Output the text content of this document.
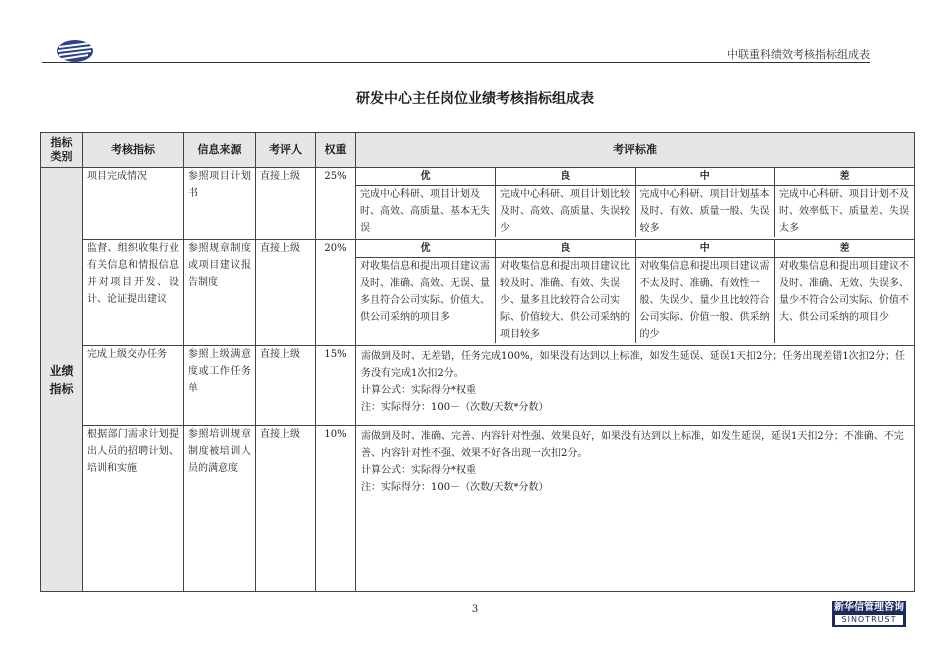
中联重科绩效考核指标组成表
研发中心主任岗位业绩考核指标组成表
指标类别	考核指标	信息来源	考评人	权重	考评标准
业绩指标	项目完成情况	参照项目计划书	直接上级	25%		优	良	中	差
完成中心科研、项目计划及时、高效、高质量、基本无失误	完成中心科研、项目计划比较及时、高效、高质量、失误较少	完成中心科研、项目计划基本及时、有效、质量一般、失误较多	完成中心科研、项目计划不及时、效率低下、质量差、失误太多

监督、组织收集行业有关信息和情报信息并对项目开发、设计、论证提出建议	参照规章制度或项目建议报告制度	直接上级	20%		优	良	中	差
对收集信息和提出项目建议需及时、准确、高效、无误、量多且符合公司实际、价值大、供公司采纳的项目多	对收集信息和提出项目建议比较及时、准确、有效、失误少、量多且比较符合公司实际、价值较大、供公司采纳的项目较多	对收集信息和提出项目建议需不太及时、准确、有效性一般、失误少、量少且比较符合公司实际、价值一般、供采纳的少	对收集信息和提出项目建议不及时、准确、无效、失误多、量少不符合公司实际、价值不大、供公司采纳的项目少

完成上级交办任务	参照上级满意度或工作任务单	直接上级	15%	需做到及时、无差错，任务完成100%，如果没有达到以上标准，如发生延误、延误1天扣2分；任务出现差错1次扣2分；任务没有完成1次扣2分。
计算公式：实际得分*权重
注：实际得分：100－（次数/天数*分数）

根据部门需求计划提出人员的招聘计划、培训和实施	参照培训规章制度被培训人员的满意度	直接上级	10%	需做到及时、准确、完善、内容针对性强、效果良好，如果没有达到以上标准，如发生延误，延误1天扣2分；不准确、不完善、内容针对性不强、效果不好各出现一次扣2分。
计算公式：实际得分*权重
注：实际得分：100－（次数/天数*分数）
3	新华信管理咨询
SINOTRUST
